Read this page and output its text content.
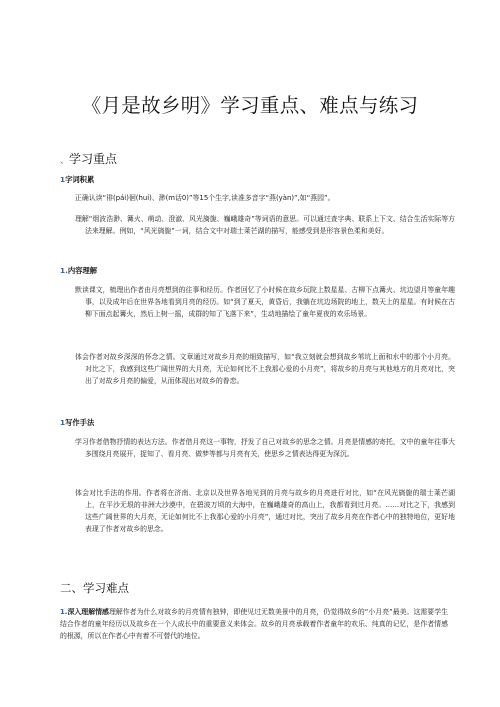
《月是故乡明》学习重点、难点与练习
、学习重点
1字词积累
正确认读“徘(pái)徊(huí)、渺(m话0)”等15个生字,读准多音字“燕(yàn)”,如“燕园”。
理解“烟波浩渺、篝火、萌动、澄澈、风光旖旎、巍峨雄奇”等词语的意思。可以通过查字典、联系上下文、结合生活实际等方法来理解。例如，“风光旖旎”一词，结合文中对瑞士莱芒湖的描写，能感受到是形容景色柔和美好。
1.内容理解
默读课文，梳理出作者由月亮想到的往事和经历。作者回忆了小时候在故乡玩院上数星星、古柳下点篝火、坑边望月等童年趣事，以及成年后在世界各地看到月亮的经历。如“到了夏天，黄昏后，我躺在坑边场院的地上，数天上的星星。有时候在古柳下面点起篝火，然后上树一摇，成群的知了飞落下来”，生动地描绘了童年夏夜的欢乐场景。
体会作者对故乡深深的怀念之情。文章通过对故乡月亮的细致描写，如“我立刻就会想到故乡苇坑上面和水中的那个小月亮。对比之下，我感到这些广阔世界的大月亮，无论如何比不上我那心爱的小月亮”，将故乡的月亮与其他地方的月亮对比，突出了对故乡月亮的偏爱，从而体现出对故乡的眷恋。
1写作手法
学习作者借物抒情的表达方法。作者借月亮这一事物，抒发了自己对故乡的思念之情。月亮是情感的寄托，文中的童年往事大多围绕月亮展开，捉知了、看月亮、做梦等都与月亮有关，使思乡之情表达得更为深沉。
体会对比手法的作用。作者将在济南、北京以及世界各地见到的月亮与故乡的月亮进行对比，如“在风光旖旎的瑞士莱芒湖上，在平沙无垠的非洲大沙漠中，在碧波万顷的大海中，在巍峨雄奇的高山上，我都看到过月亮。……对比之下，我感到这些广阔世界的大月亮，无论如何比不上我那心爱的小月亮”，通过对比，突出了故乡月亮在作者心中的独特地位，更好地表现了作者对故乡的思念。
二、学习难点
1.深入理解情感理解作者为什么对故乡的月亮情有独钟，即使见过无数美景中的月亮，仍觉得故乡的“小月亮”最美。这需要学生结合作者的童年经历以及故乡在一个人成长中的重要意义来体会。故乡的月亮承载着作者童年的欢乐、纯真的记忆，是作者情感的根源，所以在作者心中有着不可替代的地位。
